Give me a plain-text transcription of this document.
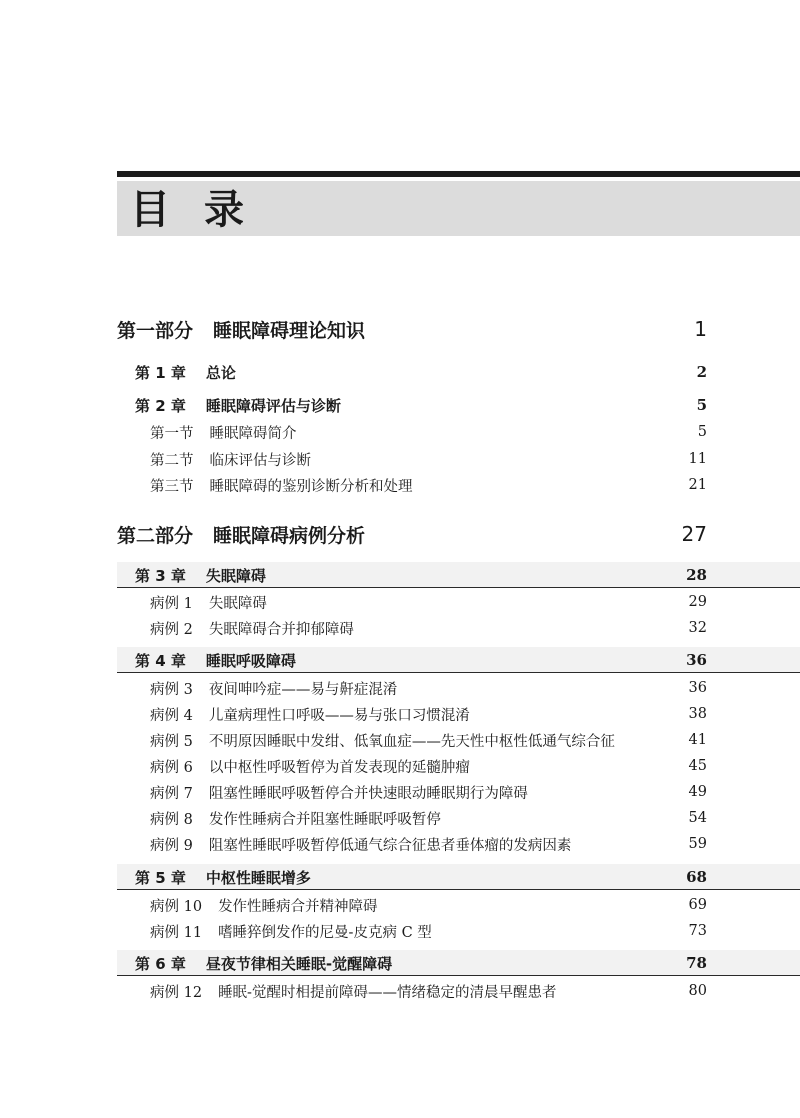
目录
第一部分 睡眠障碍理论知识	1
第 1 章 总论	2
第 2 章 睡眠障碍评估与诊断	5
第一节 睡眠障碍简介	5
第二节 临床评估与诊断	11
第三节 睡眠障碍的鉴别诊断分析和处理	21
第二部分 睡眠障碍病例分析	27
第 3 章 失眠障碍	28
病例 1 失眠障碍	29
病例 2 失眠障碍合并抑郁障碍	32
第 4 章 睡眠呼吸障碍	36
病例 3 夜间呻吟症——易与鼾症混淆	36
病例 4 儿童病理性口呼吸——易与张口习惯混淆	38
病例 5 不明原因睡眠中发绀、低氧血症——先天性中枢性低通气综合征	41
病例 6 以中枢性呼吸暂停为首发表现的延髓肿瘤	45
病例 7 阻塞性睡眠呼吸暂停合并快速眼动睡眠期行为障碍	49
病例 8 发作性睡病合并阻塞性睡眠呼吸暂停	54
病例 9 阻塞性睡眠呼吸暂停低通气综合征患者垂体瘤的发病因素	59
第 5 章 中枢性睡眠增多	68
病例 10 发作性睡病合并精神障碍	69
病例 11 嗜睡猝倒发作的尼曼-皮克病 C 型	73
第 6 章 昼夜节律相关睡眠-觉醒障碍	78
病例 12 睡眠-觉醒时相提前障碍——情绪稳定的清晨早醒患者	80
